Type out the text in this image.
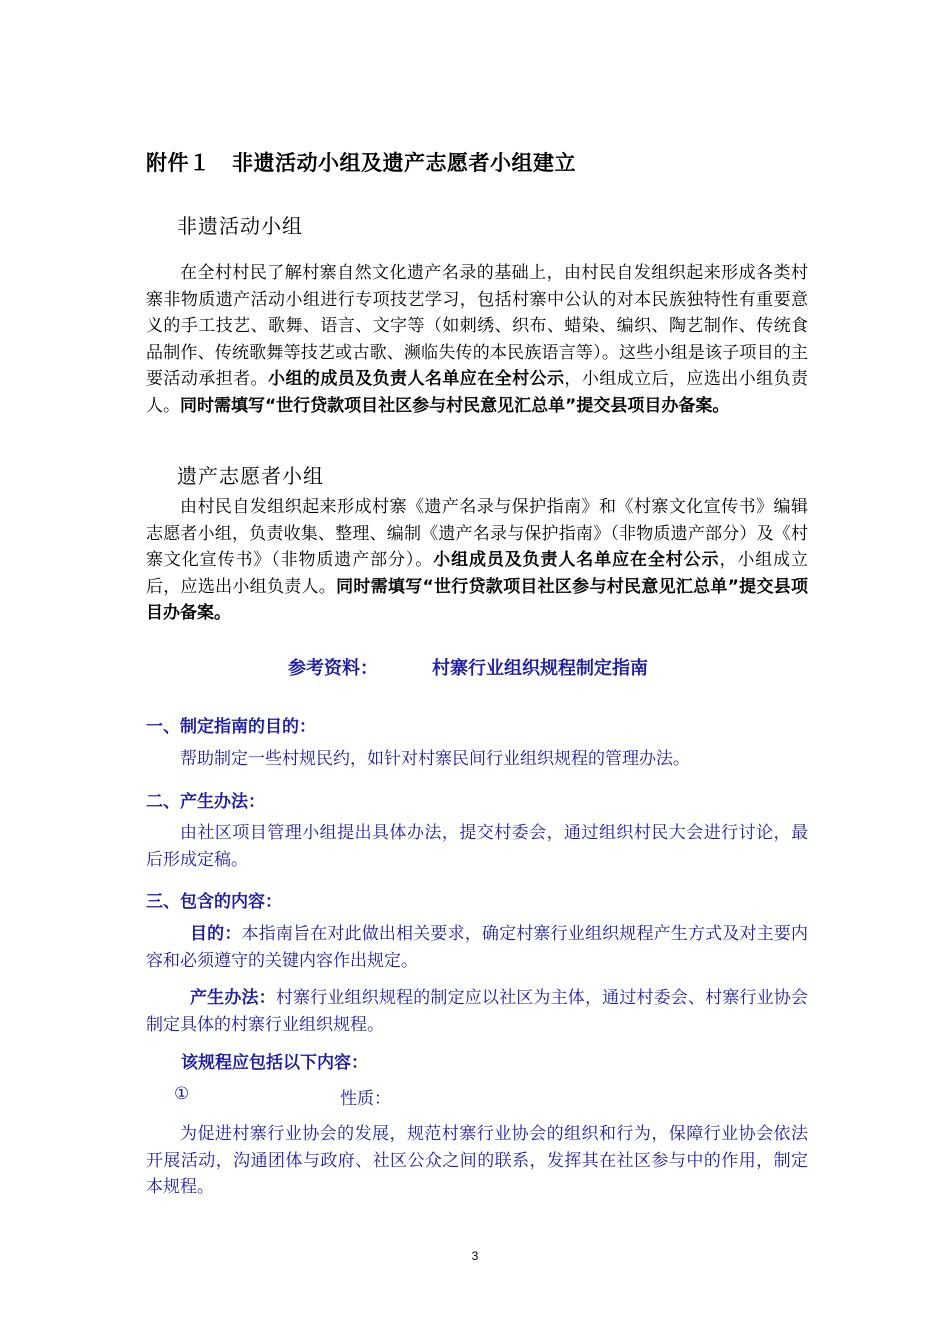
附件１　非遗活动小组及遗产志愿者小组建立
非遗活动小组
在全村村民了解村寨自然文化遗产名录的基础上，由村民自发组织起来形成各类村寨非物质遗产活动小组进行专项技艺学习，包括村寨中公认的对本民族独特性有重要意义的手工技艺、歌舞、语言、文字等（如刺绣、织布、蜡染、编织、陶艺制作、传统食品制作、传统歌舞等技艺或古歌、濒临失传的本民族语言等）。这些小组是该子项目的主要活动承担者。小组的成员及负责人名单应在全村公示，小组成立后，应选出小组负责人。同时需填写“世行贷款项目社区参与村民意见汇总单”提交县项目办备案。
遗产志愿者小组
由村民自发组织起来形成村寨《遗产名录与保护指南》和《村寨文化宣传书》编辑志愿者小组，负责收集、整理、编制《遗产名录与保护指南》（非物质遗产部分）及《村寨文化宣传书》（非物质遗产部分）。小组成员及负责人名单应在全村公示，小组成立后，应选出小组负责人。同时需填写“世行贷款项目社区参与村民意见汇总单”提交县项目办备案。
参考资料：	村寨行业组织规程制定指南
一、制定指南的目的：
帮助制定一些村规民约，如针对村寨民间行业组织规程的管理办法。
二、产生办法：
由社区项目管理小组提出具体办法，提交村委会，通过组织村民大会进行讨论，最后形成定稿。
三、包含的内容：
目的：本指南旨在对此做出相关要求，确定村寨行业组织规程产生方式及对主要内容和必须遵守的关键内容作出规定。
产生办法：村寨行业组织规程的制定应以社区为主体，通过村委会、村寨行业协会制定具体的村寨行业组织规程。
该规程应包括以下内容：
①	性质：
为促进村寨行业协会的发展，规范村寨行业协会的组织和行为，保障行业协会依法开展活动，沟通团体与政府、社区公众之间的联系，发挥其在社区参与中的作用，制定本规程。
3
